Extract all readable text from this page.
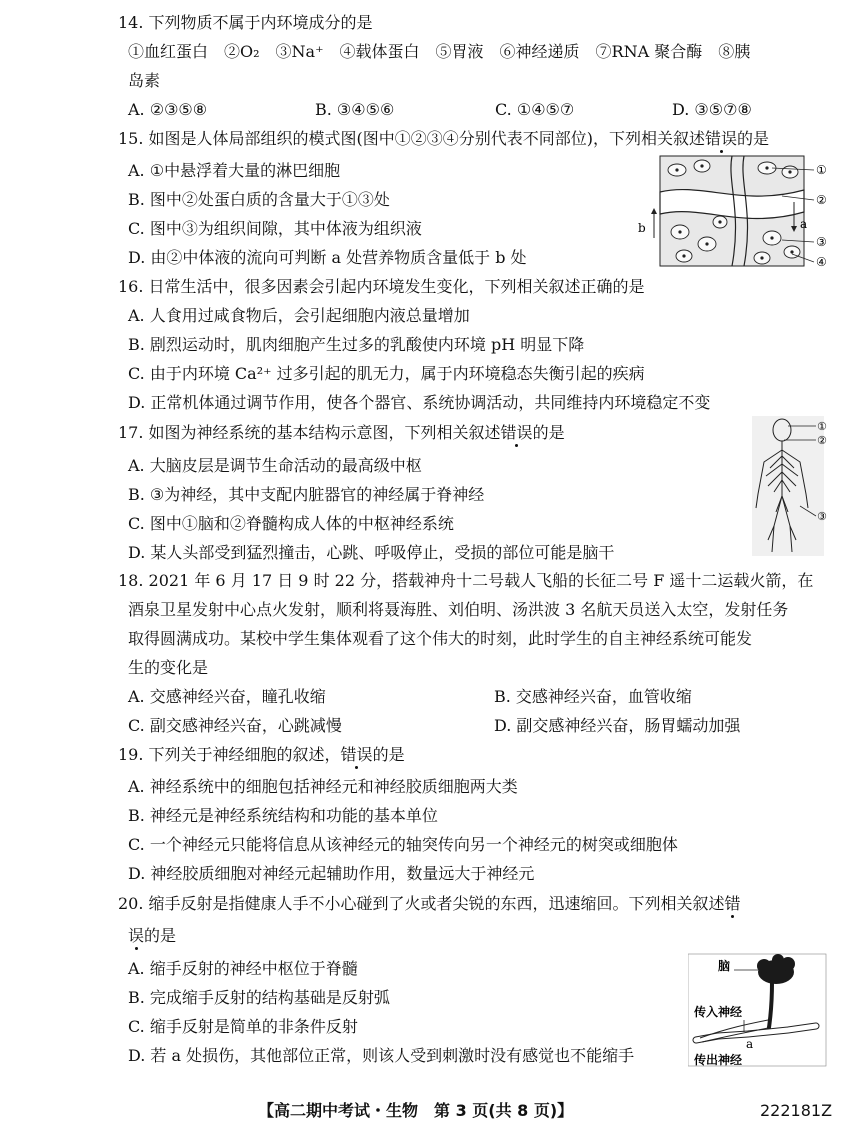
14. 下列物质不属于内环境成分的是
①血红蛋白　②O₂　③Na⁺　④载体蛋白　⑤胃液　⑥神经递质　⑦RNA 聚合酶　⑧胰
岛素
A. ②③⑤⑧	B. ③④⑤⑥	C. ①④⑤⑦	D. ③⑤⑦⑧
15. 如图是人体局部组织的模式图(图中①②③④分别代表不同部位)，下列相关叙述错误的是
A. ①中悬浮着大量的淋巴细胞
B. 图中②处蛋白质的含量大于①③处
C. 图中③为组织间隙，其中体液为组织液
D. 由②中体液的流向可判断 a 处营养物质含量低于 b 处
a
b
①
②
③
④
16. 日常生活中，很多因素会引起内环境发生变化，下列相关叙述正确的是
A. 人食用过咸食物后，会引起细胞内液总量增加
B. 剧烈运动时，肌肉细胞产生过多的乳酸使内环境 pH 明显下降
C. 由于内环境 Ca²⁺ 过多引起的肌无力，属于内环境稳态失衡引起的疾病
D. 正常机体通过调节作用，使各个器官、系统协调活动，共同维持内环境稳定不变
17. 如图为神经系统的基本结构示意图，下列相关叙述错误的是
A. 大脑皮层是调节生命活动的最高级中枢
B. ③为神经，其中支配内脏器官的神经属于脊神经
C. 图中①脑和②脊髓构成人体的中枢神经系统
D. 某人头部受到猛烈撞击，心跳、呼吸停止，受损的部位可能是脑干
①
②
③
18. 2021 年 6 月 17 日 9 时 22 分，搭载神舟十二号载人飞船的长征二号 F 遥十二运载火箭，在
酒泉卫星发射中心点火发射，顺利将聂海胜、刘伯明、汤洪波 3 名航天员送入太空，发射任务
取得圆满成功。某校中学生集体观看了这个伟大的时刻，此时学生的自主神经系统可能发
生的变化是
A. 交感神经兴奋，瞳孔收缩	B. 交感神经兴奋，血管收缩
C. 副交感神经兴奋，心跳减慢	D. 副交感神经兴奋，肠胃蠕动加强
19. 下列关于神经细胞的叙述，错误的是
A. 神经系统中的细胞包括神经元和神经胶质细胞两大类
B. 神经元是神经系统结构和功能的基本单位
C. 一个神经元只能将信息从该神经元的轴突传向另一个神经元的树突或细胞体
D. 神经胶质细胞对神经元起辅助作用，数量远大于神经元
20. 缩手反射是指健康人手不小心碰到了火或者尖锐的东西，迅速缩回。下列相关叙述错
误的是
A. 缩手反射的神经中枢位于脊髓
B. 完成缩手反射的结构基础是反射弧
C. 缩手反射是简单的非条件反射
D. 若 a 处损伤，其他部位正常，则该人受到刺激时没有感觉也不能缩手
脑
传入神经
传出神经
a
【高二期中考试・生物　第 3 页(共 8 页)】	222181Z
